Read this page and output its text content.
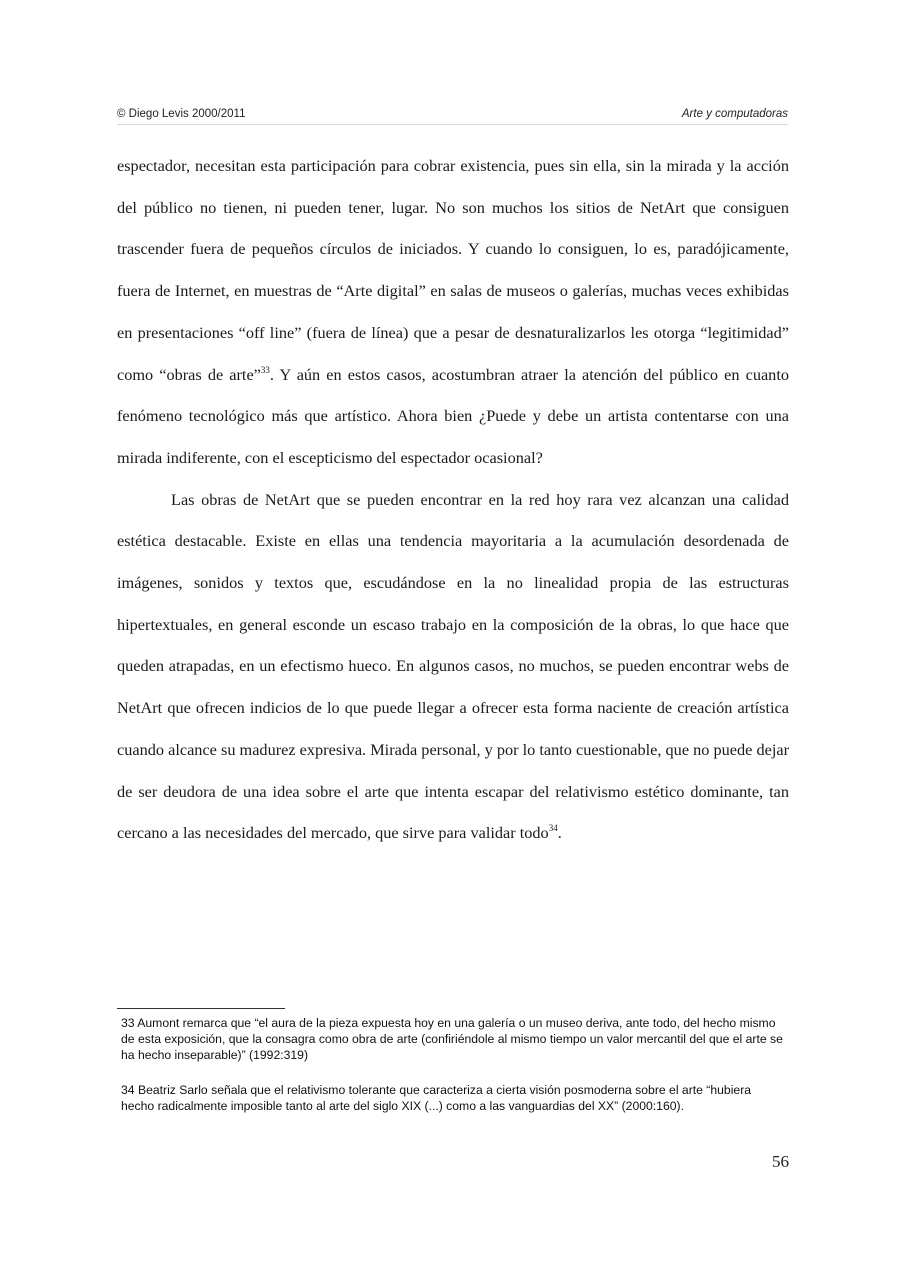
© Diego Levis 2000/2011	Arte y computadoras

espectador, necesitan esta participación para cobrar existencia, pues sin ella, sin la mirada y la acción del público no tienen, ni pueden tener, lugar. No son muchos los sitios de NetArt que consiguen trascender fuera de pequeños círculos de iniciados. Y cuando lo consiguen, lo es, paradójicamente, fuera de Internet, en muestras de “Arte digital” en salas de museos o galerías, muchas veces exhibidas en presentaciones “off line” (fuera de línea) que a pesar de desnaturalizarlos les otorga “legitimidad” como “obras de arte”$^{33}$. Y aún en estos casos, acostumbran atraer la atención del público en cuanto fenómeno tecnológico más que artístico. Ahora bien ¿Puede y debe un artista contentarse con una mirada indiferente, con el escepticismo del espectador ocasional?

Las obras de NetArt que se pueden encontrar en la red hoy rara vez alcanzan una calidad estética destacable. Existe en ellas una tendencia mayoritaria a la acumulación desordenada de imágenes, sonidos y textos que, escudándose en la no linealidad propia de las estructuras hipertextuales, en general esconde un escaso trabajo en la composición de la obras, lo que hace que queden atrapadas, en un efectismo hueco. En algunos casos, no muchos, se pueden encontrar webs de NetArt que ofrecen indicios de lo que puede llegar a ofrecer esta forma naciente de creación artística cuando alcance su madurez expresiva. Mirada personal, y por lo tanto cuestionable, que no puede dejar de ser deudora de una idea sobre el arte que intenta escapar del relativismo estético dominante, tan cercano a las necesidades del mercado, que sirve para validar todo$^{34}$.

33 Aumont remarca que “el aura de la pieza expuesta hoy en una galería o un museo deriva, ante todo, del hecho mismo de esta exposición, que la consagra como obra de arte (confiriéndole al mismo tiempo un valor mercantil del que el arte se ha hecho inseparable)” (1992:319)

34 Beatriz Sarlo señala que el relativismo tolerante que caracteriza a cierta visión posmoderna sobre el arte “hubiera hecho radicalmente imposible tanto al arte del siglo XIX (...) como a las vanguardias del XX” (2000:160).

56
